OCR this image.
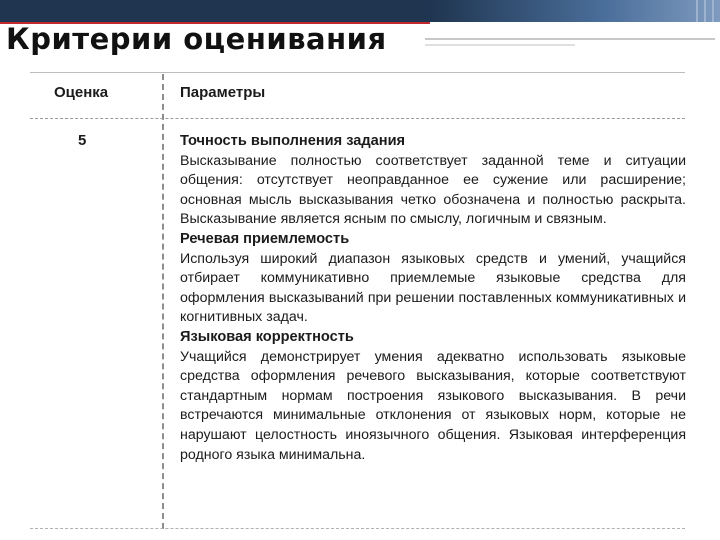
Критерии оценивания
Оценка	Параметры
5	Точность выполнения задания
Высказывание полностью соответствует заданной теме и ситуации общения: отсутствует неоправданное ее сужение или расширение; основная мысль высказывания четко обозначена и полностью раскрыта. Высказывание является ясным по смыслу, логичным и связным.
Речевая приемлемость
Используя широкий диапазон языковых средств и умений, учащийся отбирает коммуникативно приемлемые языковые средства для оформления высказываний при решении поставленных коммуникативных и когнитивных задач.
Языковая корректность
Учащийся демонстрирует умения адекватно использовать языковые средства оформления речевого высказывания, которые соответствуют стандартным нормам построения языкового высказывания. В речи встречаются минимальные отклонения от языковых норм, которые не нарушают целостность иноязычного общения. Языковая интерференция родного языка минимальна.
